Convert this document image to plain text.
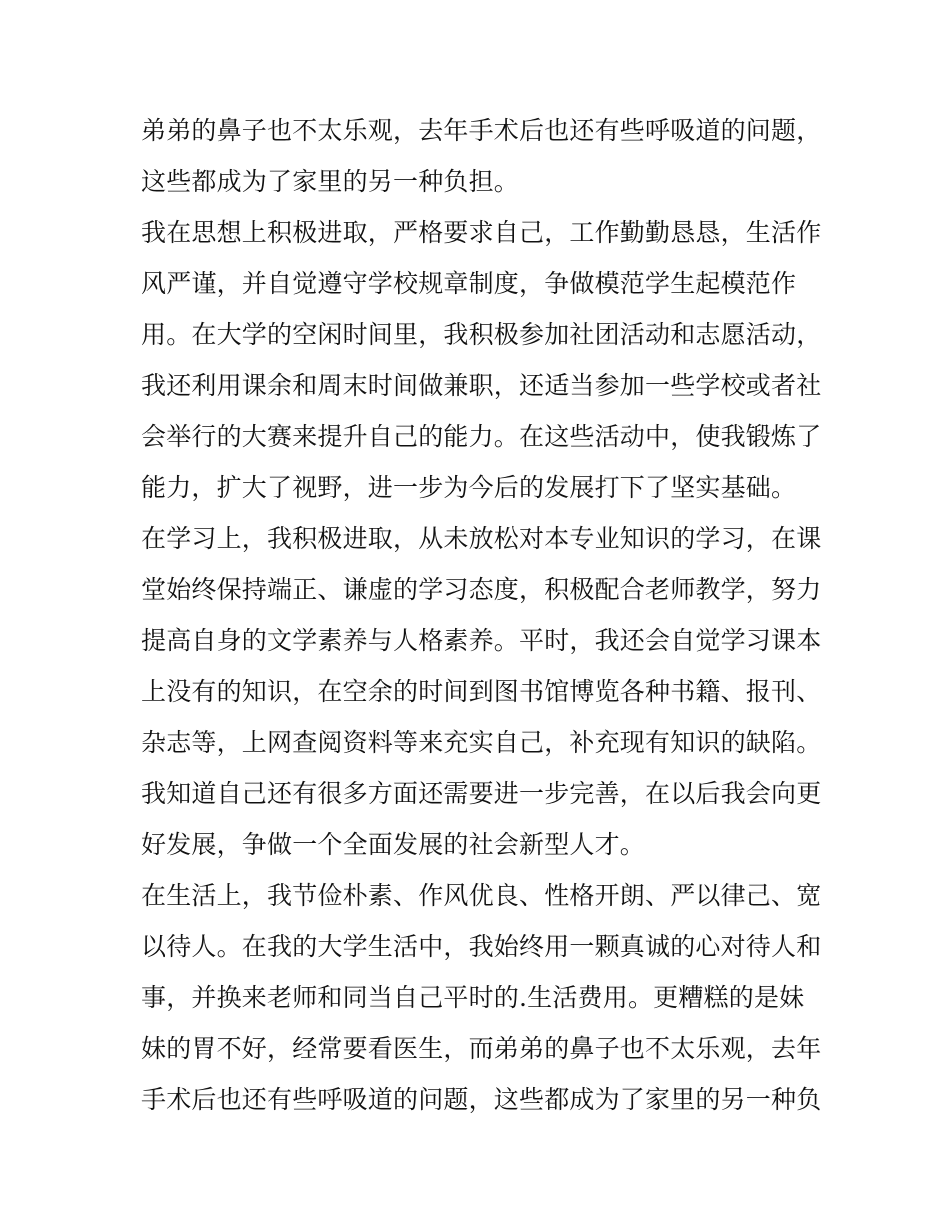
弟弟的鼻子也不太乐观，去年手术后也还有些呼吸道的问题，
这些都成为了家里的另一种负担。
我在思想上积极进取，严格要求自己，工作勤勤恳恳，生活作
风严谨，并自觉遵守学校规章制度，争做模范学生起模范作
用。在大学的空闲时间里，我积极参加社团活动和志愿活动，
我还利用课余和周末时间做兼职，还适当参加一些学校或者社
会举行的大赛来提升自己的能力。在这些活动中，使我锻炼了
能力，扩大了视野，进一步为今后的发展打下了坚实基础。
在学习上，我积极进取，从未放松对本专业知识的学习，在课
堂始终保持端正、谦虚的学习态度，积极配合老师教学，努力
提高自身的文学素养与人格素养。平时，我还会自觉学习课本
上没有的知识，在空余的时间到图书馆博览各种书籍、报刊、
杂志等，上网查阅资料等来充实自己，补充现有知识的缺陷。
我知道自己还有很多方面还需要进一步完善，在以后我会向更
好发展，争做一个全面发展的社会新型人才。
在生活上，我节俭朴素、作风优良、性格开朗、严以律己、宽
以待人。在我的大学生活中，我始终用一颗真诚的心对待人和
事，并换来老师和同当自己平时的.生活费用。更糟糕的是妹
妹的胃不好，经常要看医生，而弟弟的鼻子也不太乐观，去年
手术后也还有些呼吸道的问题，这些都成为了家里的另一种负
